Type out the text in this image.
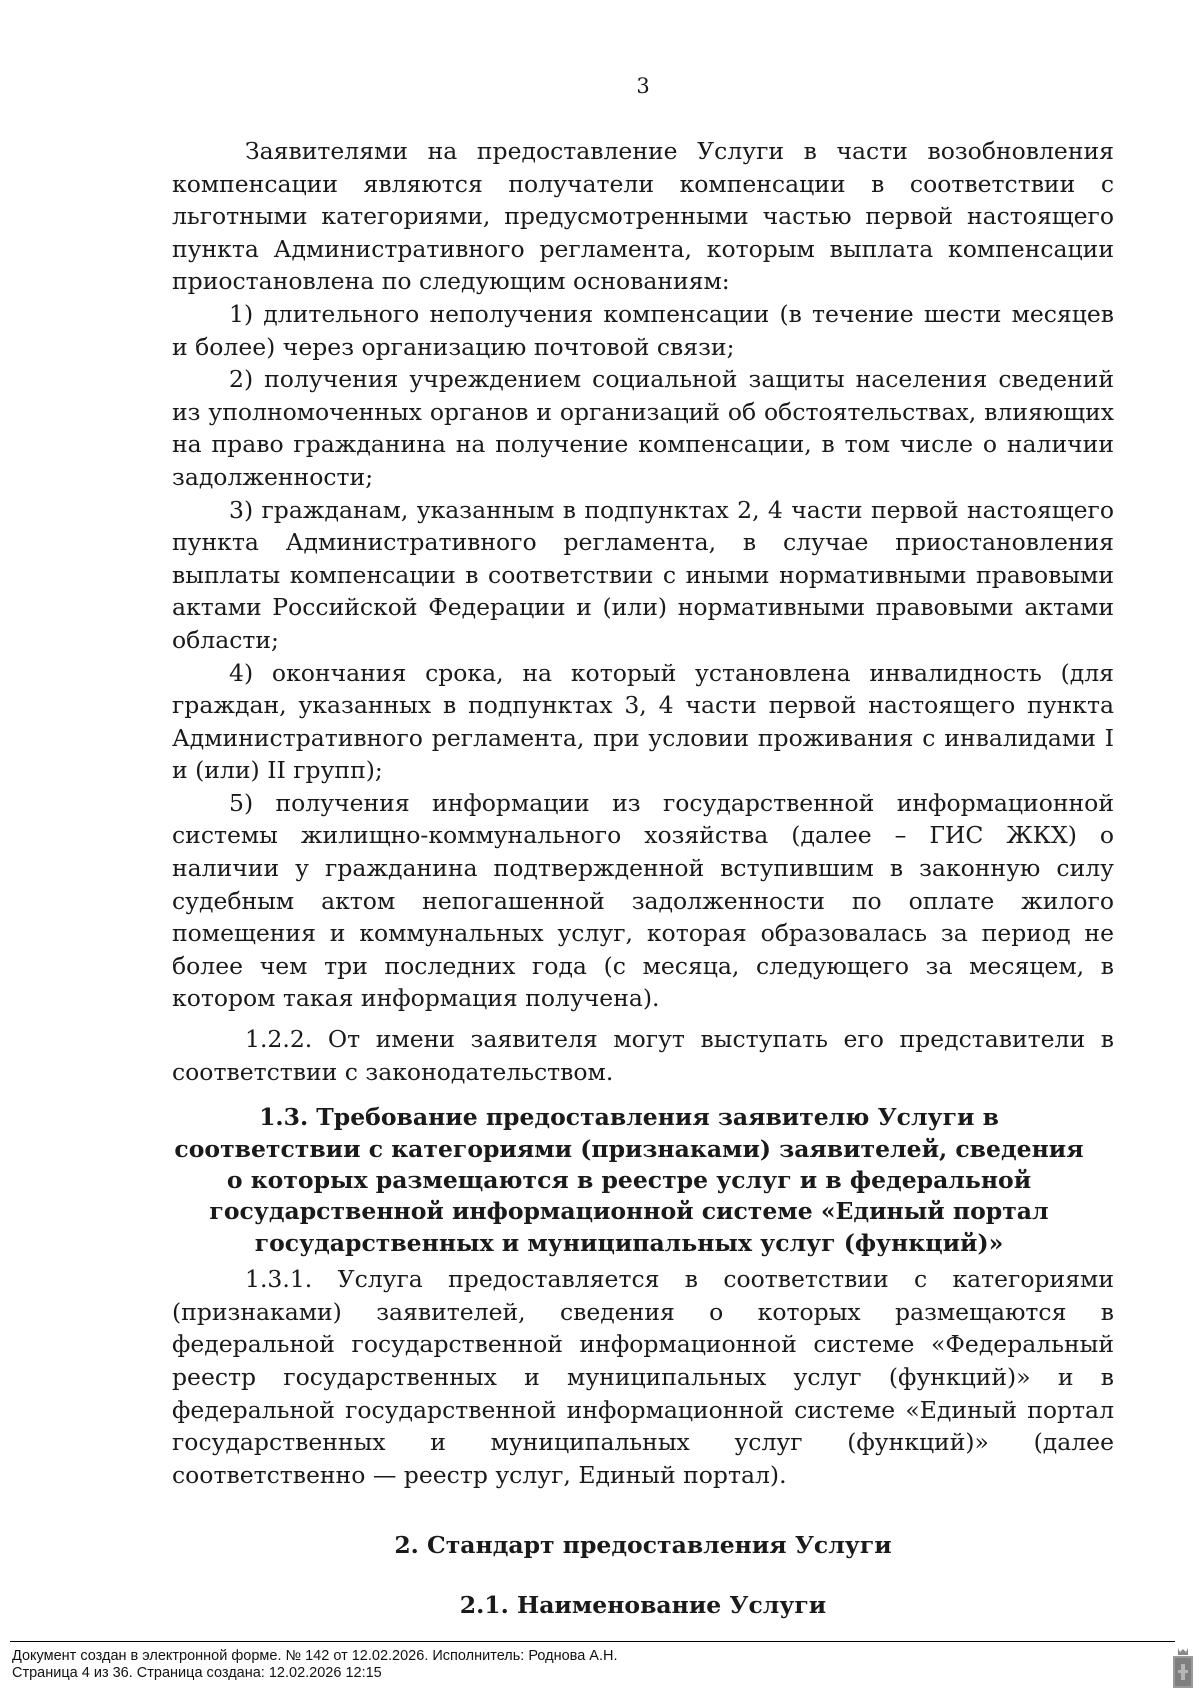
3

Заявителями на предоставление Услуги в части возобновления компенсации являются получатели компенсации в соответствии с льготными категориями, предусмотренными частью первой настоящего пункта Административного регламента, которым выплата компенсации приостановлена по следующим основаниям:

1) длительного неполучения компенсации (в течение шести месяцев и более) через организацию почтовой связи;

2) получения учреждением социальной защиты населения сведений из уполномоченных органов и организаций об обстоятельствах, влияющих на право гражданина на получение компенсации, в том числе о наличии задолженности;

3) гражданам, указанным в подпунктах 2, 4 части первой настоящего пункта Административного регламента, в случае приостановления выплаты компенсации в соответствии с иными нормативными правовыми актами Российской Федерации и (или) нормативными правовыми актами области;

4) окончания срока, на который установлена инвалидность (для граждан, указанных в подпунктах 3, 4 части первой настоящего пункта Административного регламента, при условии проживания с инвалидами I и (или) II групп);

5) получения информации из государственной информационной системы жилищно-коммунального хозяйства (далее – ГИС ЖКХ) о наличии у гражданина подтвержденной вступившим в законную силу судебным актом непогашенной задолженности по оплате жилого помещения и коммунальных услуг, которая образовалась за период не более чем три последних года (с месяца, следующего за месяцем, в котором такая информация получена).

1.2.2. От имени заявителя могут выступать его представители в соответствии с законодательством.

1.3. Требование предоставления заявителю Услуги в соответствии с категориями (признаками) заявителей, сведения о которых размещаются в реестре услуг и в федеральной государственной информационной системе «Единый портал государственных и муниципальных услуг (функций)»

1.3.1. Услуга предоставляется в соответствии с категориями (признаками) заявителей, сведения о которых размещаются в федеральной государственной информационной системе «Федеральный реестр государственных и муниципальных услуг (функций)» и в федеральной государственной информационной системе «Единый портал государственных и муниципальных услуг (функций)» (далее соответственно — реестр услуг, Единый портал).

2. Стандарт предоставления Услуги

2.1. Наименование Услуги

Документ создан в электронной форме. № 142 от 12.02.2026. Исполнитель: Роднова А.Н.
Страница 4 из 36. Страница создана: 12.02.2026 12:15
